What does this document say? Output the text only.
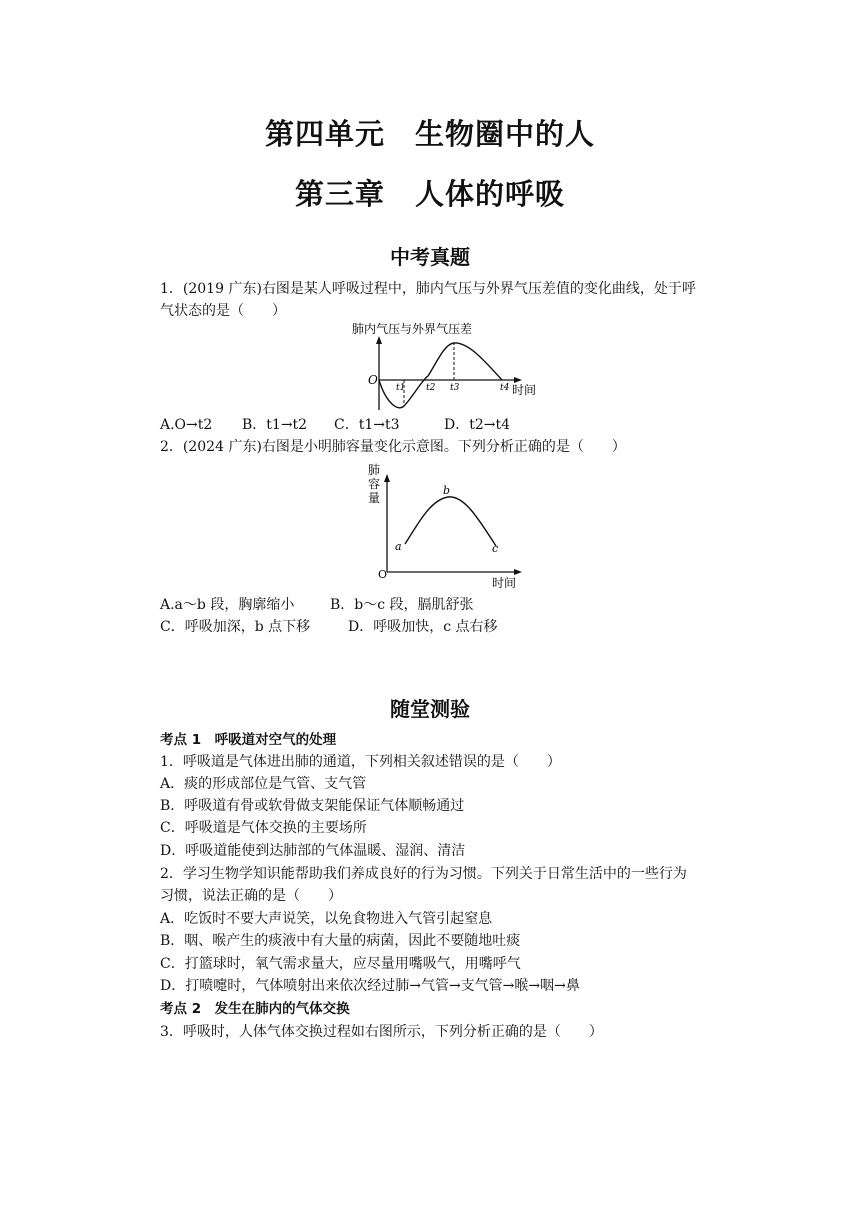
第四单元　生物圈中的人
第三章　人体的呼吸
中考真题
1．(2019 广东)右图是某人呼吸过程中，肺内气压与外界气压差值的变化曲线，处于呼
气状态的是（　　）
肺内气压与外界气压差
O
t1 t2 t3	t4 时间
A.O→t2 B．t1→t2 C．t1→t3	D．t2→t4
2．(2024 广东)右图是小明肺容量变化示意图。下列分析正确的是（　　）
肺 容 量
O
a
b
c
时间
A.a～b 段，胸廓缩小	B．b～c 段，膈肌舒张
C．呼吸加深，b 点下移	D．呼吸加快，c 点右移
随堂测验
考点 1　呼吸道对空气的处理
1．呼吸道是气体进出肺的通道，下列相关叙述错误的是（　　）
A．痰的形成部位是气管、支气管
B．呼吸道有骨或软骨做支架能保证气体顺畅通过
C．呼吸道是气体交换的主要场所
D．呼吸道能使到达肺部的气体温暖、湿润、清洁
2．学习生物学知识能帮助我们养成良好的行为习惯。下列关于日常生活中的一些行为
习惯，说法正确的是（　　）
A．吃饭时不要大声说笑，以免食物进入气管引起窒息
B．咽、喉产生的痰液中有大量的病菌，因此不要随地吐痰
C．打篮球时，氧气需求量大，应尽量用嘴吸气，用嘴呼气
D．打喷嚏时，气体喷射出来依次经过肺→气管→支气管→喉→咽→鼻
考点 2　发生在肺内的气体交换
3．呼吸时，人体气体交换过程如右图所示，下列分析正确的是（　　）
